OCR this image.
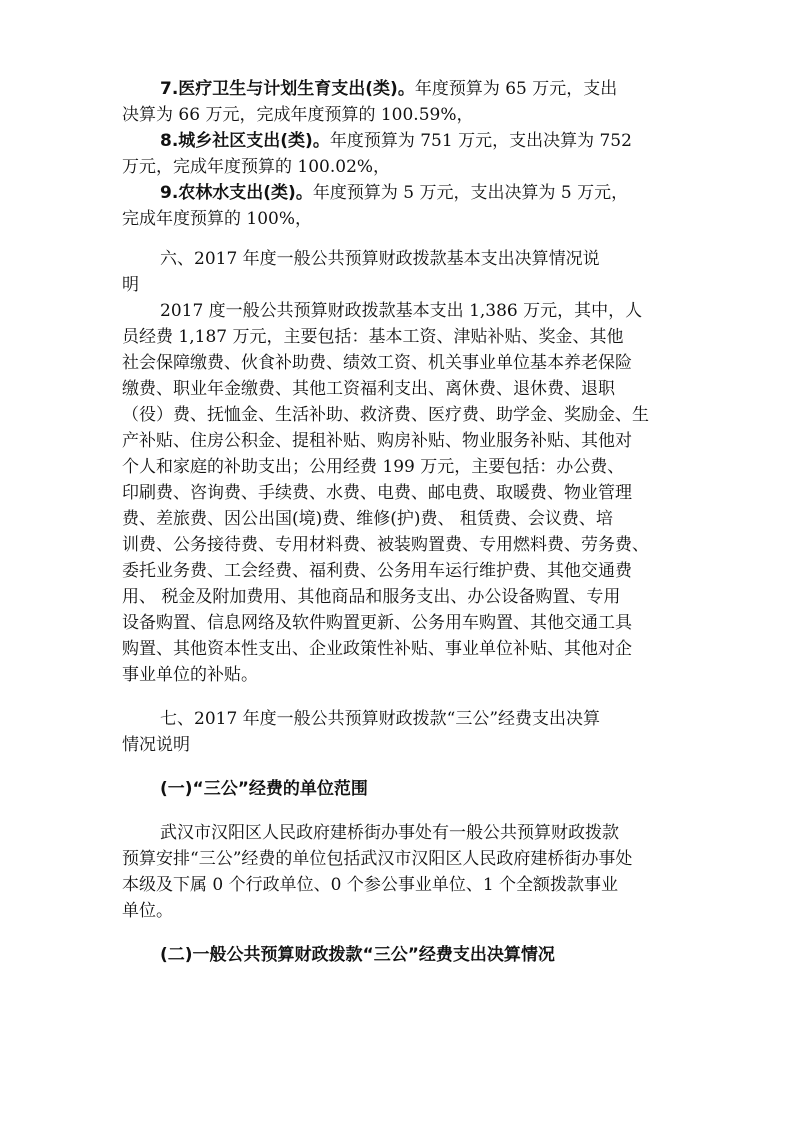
7.医疗卫生与计划生育支出(类)。年度预算为 65 万元，支出
决算为 66 万元，完成年度预算的 100.59%，
8.城乡社区支出(类)。年度预算为 751 万元，支出决算为 752
万元，完成年度预算的 100.02%，
9.农林水支出(类)。年度预算为 5 万元，支出决算为 5 万元，
完成年度预算的 100%，
六、2017 年度一般公共预算财政拨款基本支出决算情况说
明
2017 度一般公共预算财政拨款基本支出 1,386 万元，其中，人
员经费 1,187 万元，主要包括：基本工资、津贴补贴、奖金、其他
社会保障缴费、伙食补助费、绩效工资、机关事业单位基本养老保险
缴费、职业年金缴费、其他工资福利支出、离休费、退休费、退职
（役）费、抚恤金、生活补助、救济费、医疗费、助学金、奖励金、生
产补贴、住房公积金、提租补贴、购房补贴、物业服务补贴、其他对
个人和家庭的补助支出；公用经费 199 万元，主要包括：办公费、
印刷费、咨询费、手续费、水费、电费、邮电费、取暖费、物业管理
费、差旅费、因公出国(境)费、维修(护)费、 租赁费、会议费、培
训费、公务接待费、专用材料费、被装购置费、专用燃料费、劳务费、
委托业务费、工会经费、福利费、公务用车运行维护费、其他交通费
用、 税金及附加费用、其他商品和服务支出、办公设备购置、专用
设备购置、信息网络及软件购置更新、公务用车购置、其他交通工具
购置、其他资本性支出、企业政策性补贴、事业单位补贴、其他对企
事业单位的补贴。
七、2017 年度一般公共预算财政拨款“三公”经费支出决算
情况说明
(一)“三公”经费的单位范围
武汉市汉阳区人民政府建桥街办事处有一般公共预算财政拨款
预算安排“三公”经费的单位包括武汉市汉阳区人民政府建桥街办事处
本级及下属 0 个行政单位、0 个参公事业单位、1 个全额拨款事业
单位。
(二)一般公共预算财政拨款“三公”经费支出决算情况
